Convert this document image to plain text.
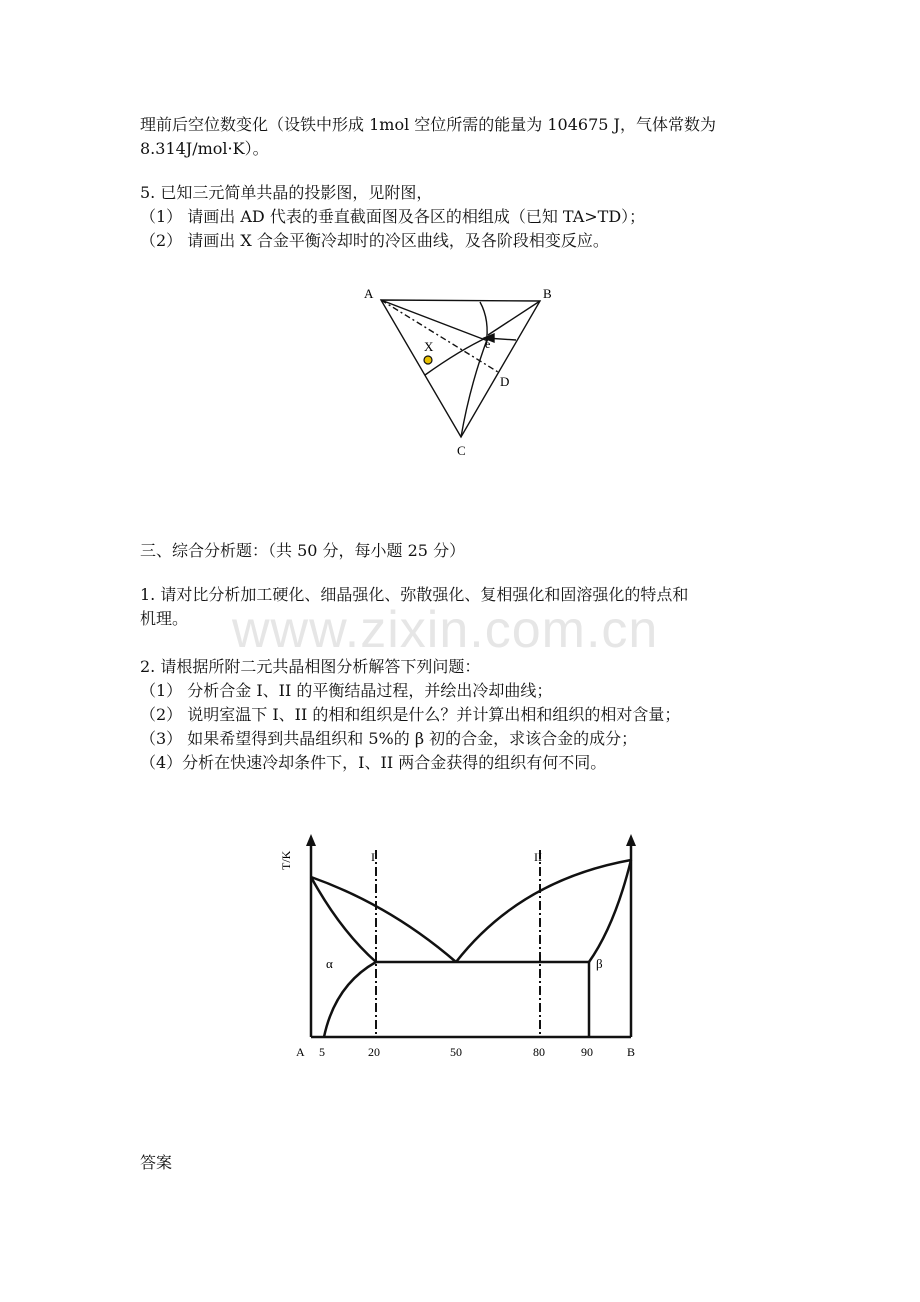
www.zixin.com.cn
理前后空位数变化（设铁中形成 1mol 空位所需的能量为 104675 J，气体常数为
8.314J/mol·K）。
5. 已知三元简单共晶的投影图，见附图，
（1） 请画出 AD 代表的垂直截面图及各区的相组成（已知 TA>TD）；
（2） 请画出 X 合金平衡冷却时的冷区曲线，及各阶段相变反应。
A	B
C
D
X	e
三、综合分析题：（共 50 分，每小题 25 分）
1. 请对比分析加工硬化、细晶强化、弥散强化、复相强化和固溶强化的特点和
机理。
2. 请根据所附二元共晶相图分析解答下列问题：
（1） 分析合金 I、II 的平衡结晶过程，并绘出冷却曲线；
（2） 说明室温下 I、II 的相和组织是什么？并计算出相和组织的相对含量；
（3） 如果希望得到共晶组织和 5%的 β 初的合金，求该合金的成分；
（4）分析在快速冷却条件下，I、II 两合金获得的组织有何不同。
T/K	I	II
α	β
A 5	20	50	80	90	B
答案
